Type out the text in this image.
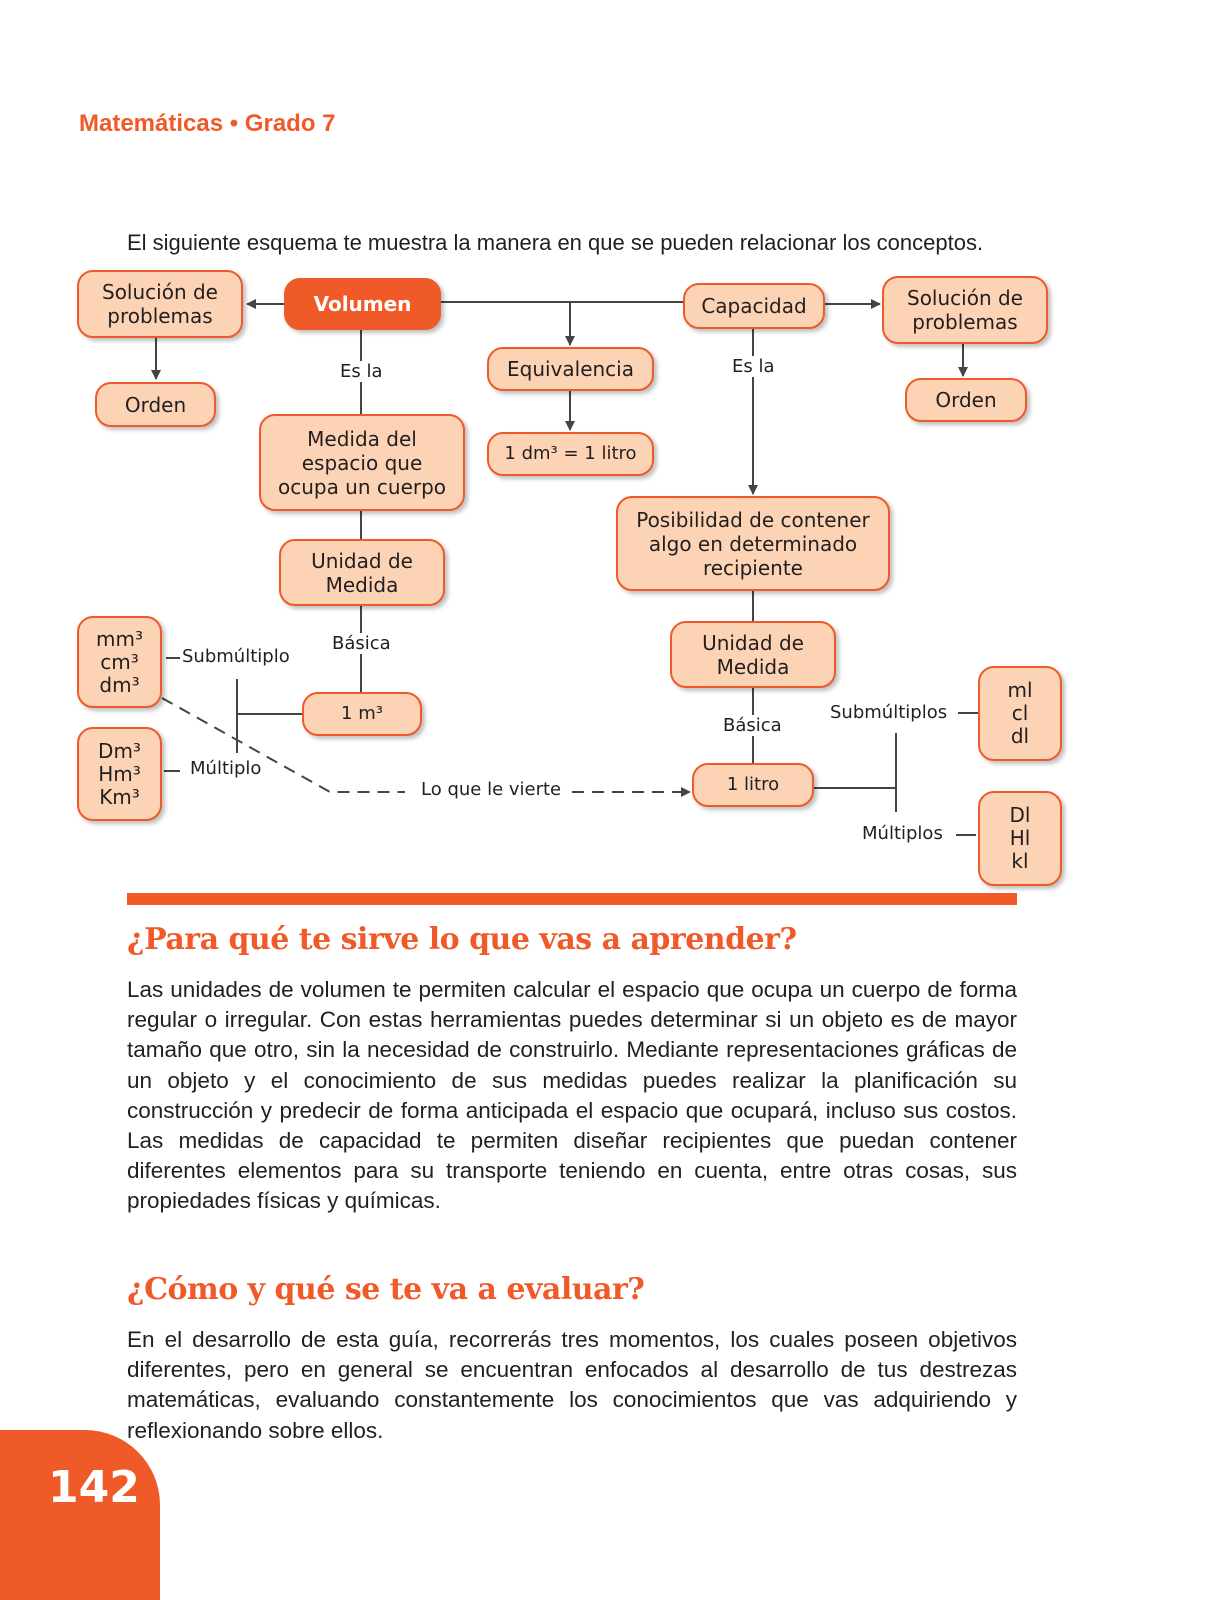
Matemáticas • Grado 7
El siguiente esquema te muestra la manera en que se pueden relacionar los conceptos.
Solución de
problemas
Orden
Volumen
Medida del
espacio que
ocupa un cuerpo
Unidad de
Medida
1 m³
Equivalencia
1 dm³ = 1 litro
Capacidad	Solución de
problemas
Orden
Posibilidad de contener
algo en determinado
recipiente
Unidad de
Medida
1 litro
mm³
cm³
dm³
Dm³
Hm³
Km³
ml
cl
dl
Dl
Hl
kl
Es la	Es la
Básica
Básica
Submúltiplo
Múltiplo
Submúltiplos
Múltiplos
Lo que le vierte
¿Para qué te sirve lo que vas a aprender?
Las unidades de volumen te permiten calcular el espacio que ocupa un cuerpo de forma regular o irregular. Con estas herramientas puedes determinar si un objeto es de mayor tamaño que otro, sin la necesidad de construirlo. Mediante representaciones gráficas de un objeto y el conocimiento de sus medidas puedes realizar la planificación su construcción y predecir de forma anticipada el espacio que ocupará, incluso sus costos. Las medidas de capacidad te permiten diseñar recipientes que puedan contener diferentes elementos para su transporte teniendo en cuenta, entre otras cosas, sus propiedades físicas y químicas.
¿Cómo y qué se te va a evaluar?
En el desarrollo de esta guía, recorrerás tres momentos, los cuales poseen objetivos diferentes, pero en general se encuentran enfocados al desarrollo de tus destrezas matemáticas, evaluando constantemente los conocimientos que vas adquiriendo y reflexionando sobre ellos.
142
